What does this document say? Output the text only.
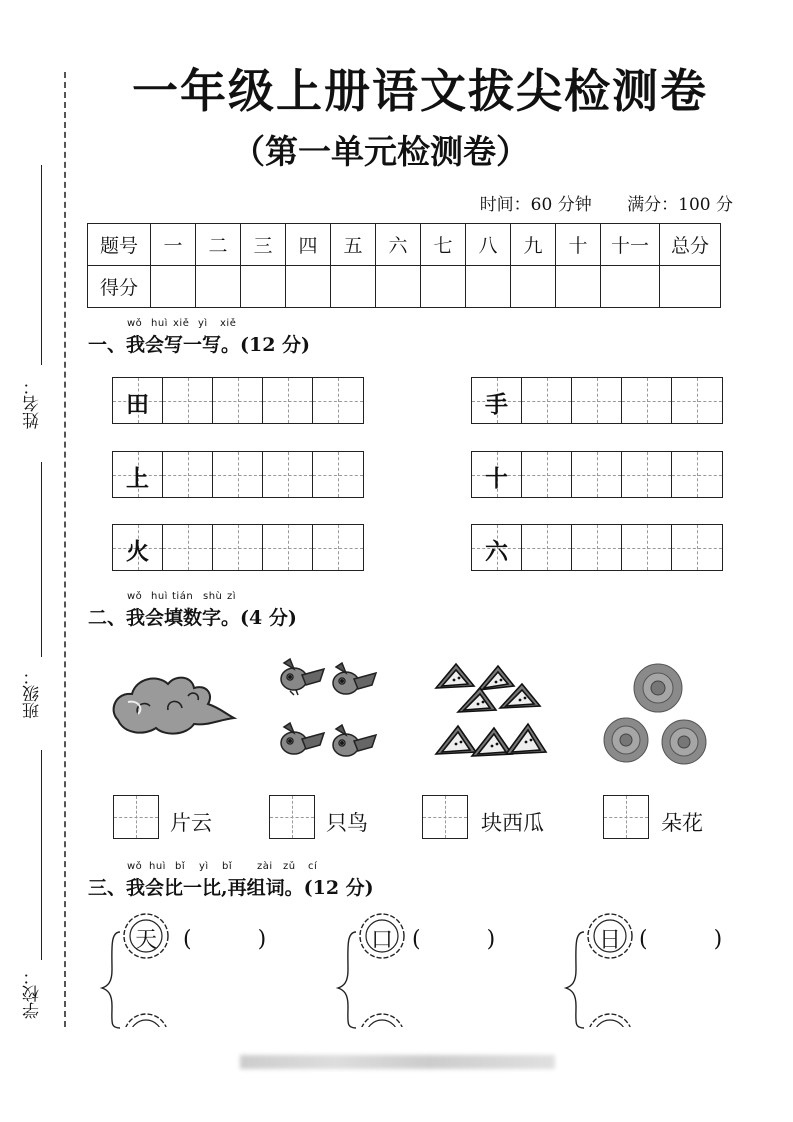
姓名：
班级：
学校：
一年级上册语文拔尖检测卷
（第一单元检测卷）
时间：60 分钟 满分：100 分
题号	一	二	三	四	五	六	七	八	九	十	十一	总分
得分												
wǒ huì xiě yì xiě
一、我会写一写。(12 分)
田	手
上	十
火	六
wǒ huì tián shù zì
二、我会填数字。(4 分)
片云	只鸟	块西瓜	朵花
wǒ huì bǐ yì bǐ zài zǔ cí
三、我会比一比,再组词。(12 分)
天	(　　　)	口 (　　　)	日 (　　　)
